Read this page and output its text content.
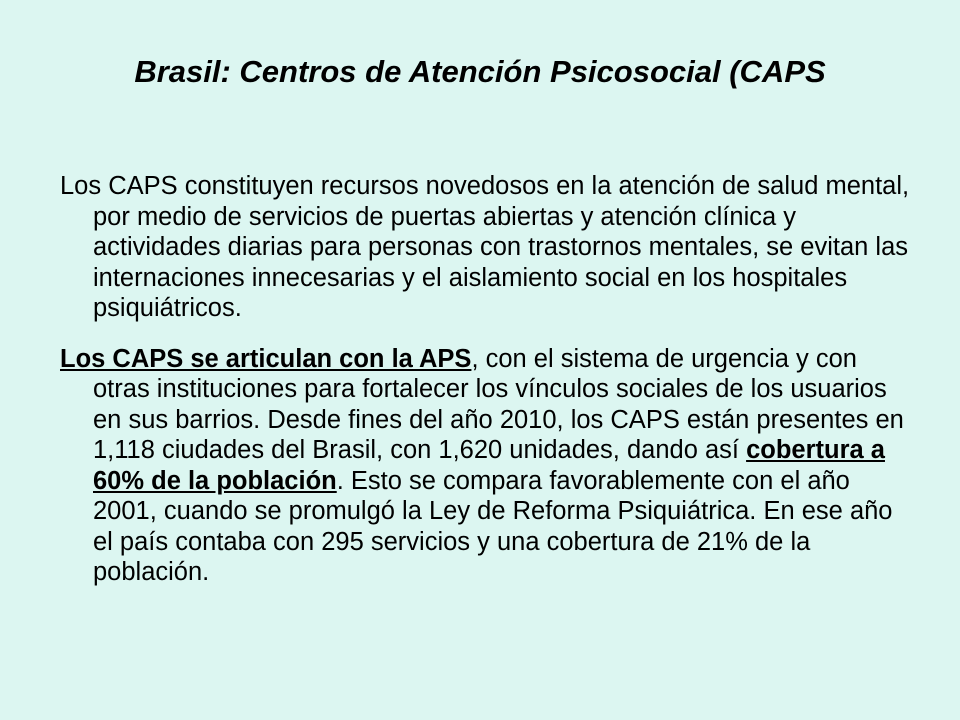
Brasil: Centros de Atención Psicosocial (CAPS

Los CAPS constituyen recursos novedosos en la atención de salud mental, por medio de servicios de puertas abiertas y atención clínica y actividades diarias para personas con trastornos mentales, se evitan las internaciones innecesarias y el aislamiento social en los hospitales psiquiátricos.

Los CAPS se articulan con la APS, con el sistema de urgencia y con otras instituciones para fortalecer los vínculos sociales de los usuarios en sus barrios. Desde fines del año 2010, los CAPS están presentes en 1,118 ciudades del Brasil, con 1,620 unidades, dando así cobertura a 60% de la población. Esto se compara favorablemente con el año 2001, cuando se promulgó la Ley de Reforma Psiquiátrica. En ese año el país contaba con 295 servicios y una cobertura de 21% de la población.
